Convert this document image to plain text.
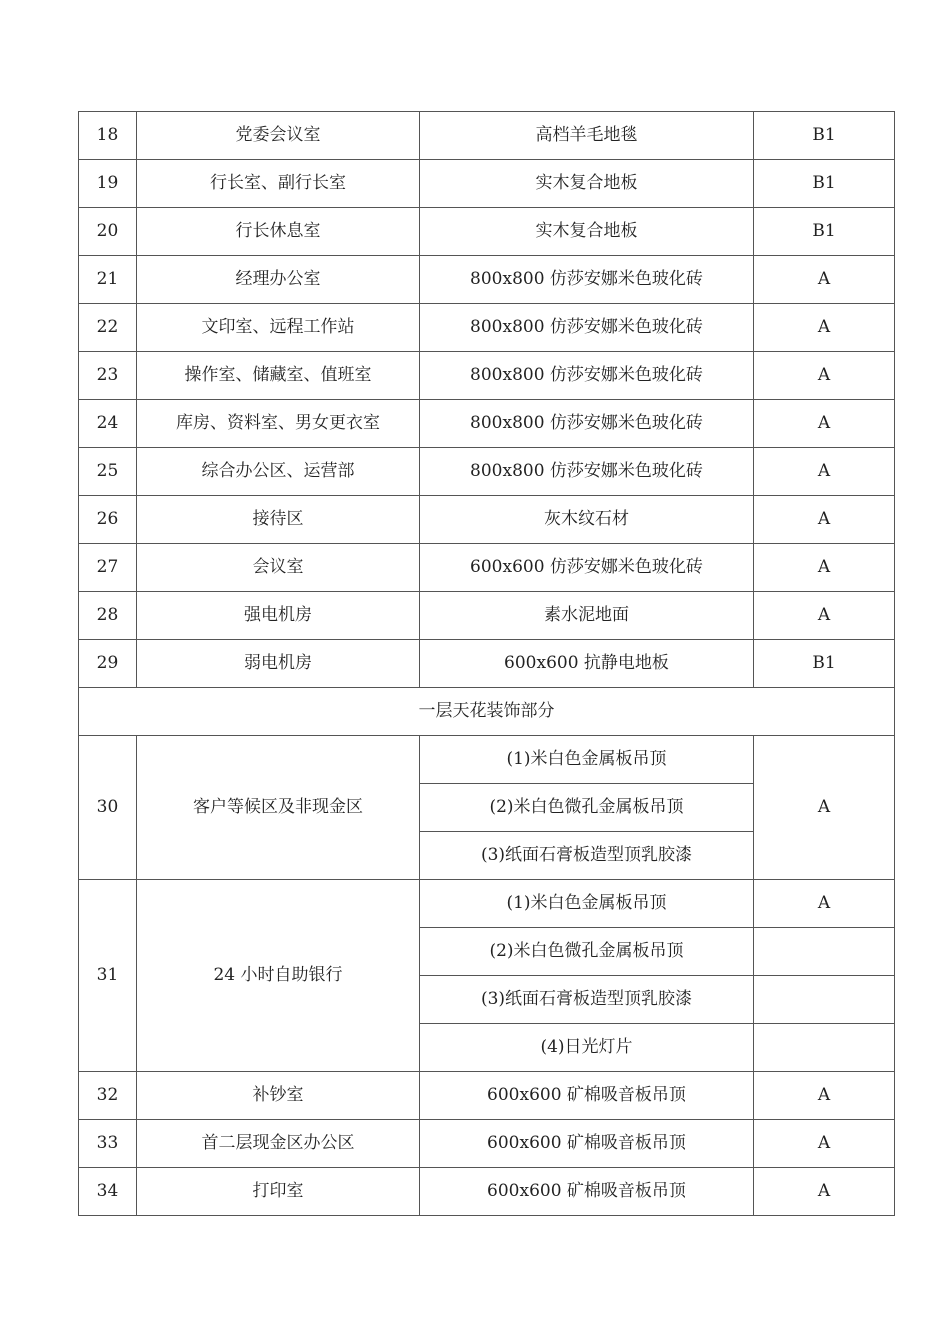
18	党委会议室	高档羊毛地毯	B1
19	行长室、副行长室	实木复合地板	B1
20	行长休息室	实木复合地板	B1
21	经理办公室	800x800 仿莎安娜米色玻化砖	A
22	文印室、远程工作站	800x800 仿莎安娜米色玻化砖	A
23	操作室、储藏室、值班室	800x800 仿莎安娜米色玻化砖	A
24	库房、资料室、男女更衣室	800x800 仿莎安娜米色玻化砖	A
25	综合办公区、运营部	800x800 仿莎安娜米色玻化砖	A
26	接待区	灰木纹石材	A
27	会议室	600x600 仿莎安娜米色玻化砖	A
28	强电机房	素水泥地面	A
29	弱电机房	600x600 抗静电地板	B1
一层天花装饰部分			
30	客户等候区及非现金区	(1)米白色金属板吊顶	A
		(2)米白色微孔金属板吊顶	
		(3)纸面石膏板造型顶乳胶漆	
31	24 小时自助银行	(1)米白色金属板吊顶	A
		(2)米白色微孔金属板吊顶	
		(3)纸面石膏板造型顶乳胶漆	
		(4)日光灯片	
32	补钞室	600x600 矿棉吸音板吊顶	A
33	首二层现金区办公区	600x600 矿棉吸音板吊顶	A
34	打印室	600x600 矿棉吸音板吊顶	A
